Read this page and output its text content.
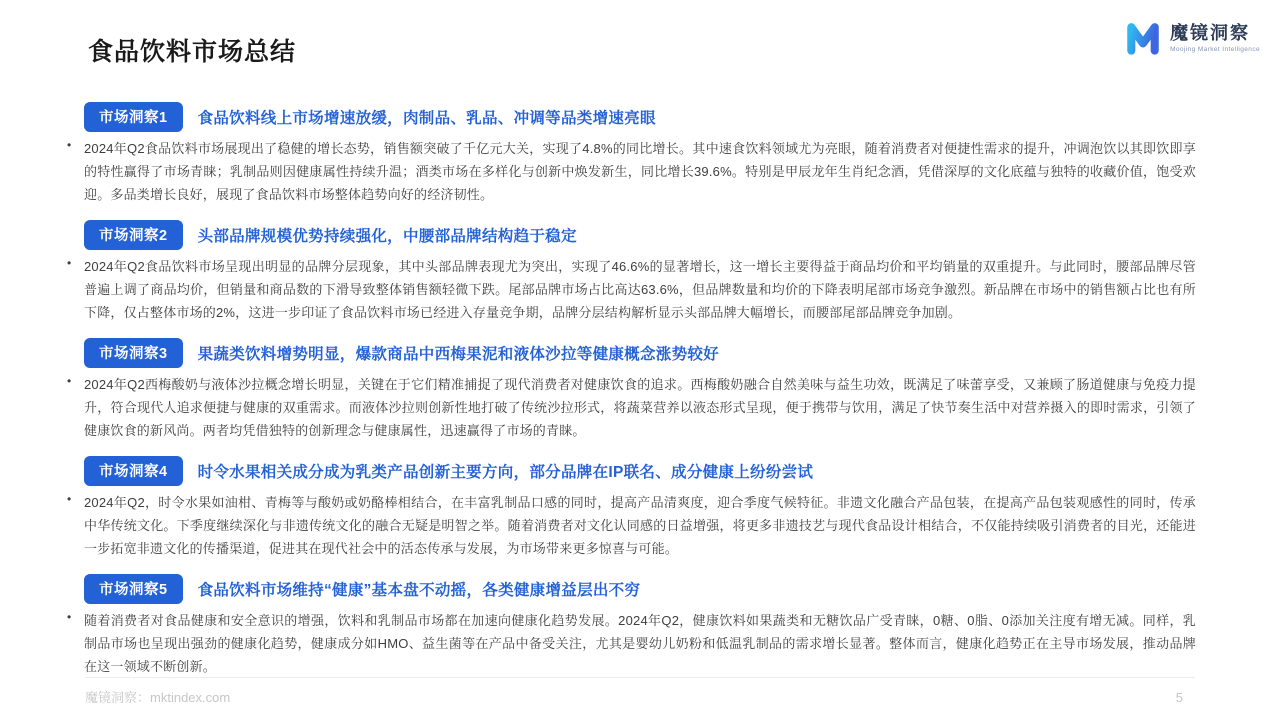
魔镜洞察
Moojing Market Intelligence
食品饮料市场总结
市场洞察1	食品饮料线上市场增速放缓，肉制品、乳品、冲调等品类增速亮眼
• 2024年Q2食品饮料市场展现出了稳健的增长态势，销售额突破了千亿元大关，实现了4.8%的同比增长。其中速食饮料领域尤为亮眼，随着消费者对便捷性需求的提升，冲调泡饮以其即饮即享的特性赢得了市场青睐；乳制品则因健康属性持续升温；酒类市场在多样化与创新中焕发新生，同比增长39.6%。特别是甲辰龙年生肖纪念酒，凭借深厚的文化底蕴与独特的收藏价值，饱受欢迎。多品类增长良好，展现了食品饮料市场整体趋势向好的经济韧性。

市场洞察2	头部品牌规模优势持续强化，中腰部品牌结构趋于稳定
• 2024年Q2食品饮料市场呈现出明显的品牌分层现象，其中头部品牌表现尤为突出，实现了46.6%的显著增长，这一增长主要得益于商品均价和平均销量的双重提升。与此同时，腰部品牌尽管普遍上调了商品均价，但销量和商品数的下滑导致整体销售额轻微下跌。尾部品牌市场占比高达63.6%，但品牌数量和均价的下降表明尾部市场竞争激烈。新品牌在市场中的销售额占比也有所下降，仅占整体市场的2%，这进一步印证了食品饮料市场已经进入存量竞争期，品牌分层结构解析显示头部品牌大幅增长，而腰部尾部品牌竞争加剧。

市场洞察3	果蔬类饮料增势明显，爆款商品中西梅果泥和液体沙拉等健康概念涨势较好
• 2024年Q2西梅酸奶与液体沙拉概念增长明显，关键在于它们精准捕捉了现代消费者对健康饮食的追求。西梅酸奶融合自然美味与益生功效，既满足了味蕾享受，又兼顾了肠道健康与免疫力提升，符合现代人追求便捷与健康的双重需求。而液体沙拉则创新性地打破了传统沙拉形式，将蔬菜营养以液态形式呈现，便于携带与饮用，满足了快节奏生活中对营养摄入的即时需求，引领了健康饮食的新风尚。两者均凭借独特的创新理念与健康属性，迅速赢得了市场的青睐。

市场洞察4	时令水果相关成分成为乳类产品创新主要方向，部分品牌在IP联名、成分健康上纷纷尝试
• 2024年Q2，时令水果如油柑、青梅等与酸奶或奶酪棒相结合，在丰富乳制品口感的同时，提高产品清爽度，迎合季度气候特征。非遗文化融合产品包装，在提高产品包装观感性的同时，传承中华传统文化。下季度继续深化与非遗传统文化的融合无疑是明智之举。随着消费者对文化认同感的日益增强，将更多非遗技艺与现代食品设计相结合，不仅能持续吸引消费者的目光，还能进一步拓宽非遗文化的传播渠道，促进其在现代社会中的活态传承与发展，为市场带来更多惊喜与可能。

市场洞察5	食品饮料市场维持“健康”基本盘不动摇，各类健康增益层出不穷
• 随着消费者对食品健康和安全意识的增强，饮料和乳制品市场都在加速向健康化趋势发展。2024年Q2，健康饮料如果蔬类和无糖饮品广受青睐，0糖、0脂、0添加关注度有增无减。同样，乳制品市场也呈现出强劲的健康化趋势，健康成分如HMO、益生菌等在产品中备受关注，尤其是婴幼儿奶粉和低温乳制品的需求增长显著。整体而言，健康化趋势正在主导市场发展，推动品牌在这一领域不断创新。

魔镜洞察：mktindex.com	5
